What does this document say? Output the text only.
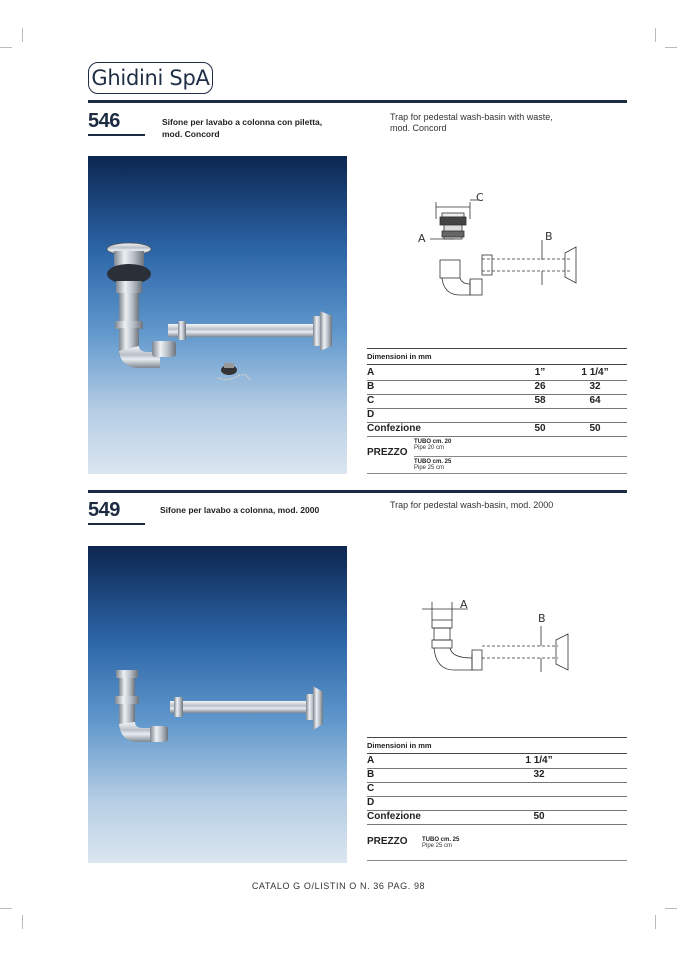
Ghidini SpA
546	Sifone per lavabo a colonna con piletta,
mod. Concord
Trap for pedestal wash-basin with waste,
mod. Concord
C
A	B
Dimensioni in mm
A	1”	1 1/4”
B	26	32
C	58	64
D
Confezione	50	50
PREZZO
TUBO cm. 20
Pipe 20 cm
TUBO cm. 25
Pipe 25 cm
549	Sifone per lavabo a colonna, mod. 2000	Trap for pedestal wash-basin, mod. 2000
A
B
Dimensioni in mm
A	1 1/4”
B	32
C
D
Confezione	50
PREZZO TUBO cm. 25
Pipe 25 cm
CATALO G O/LISTIN O N. 36 PAG. 98
